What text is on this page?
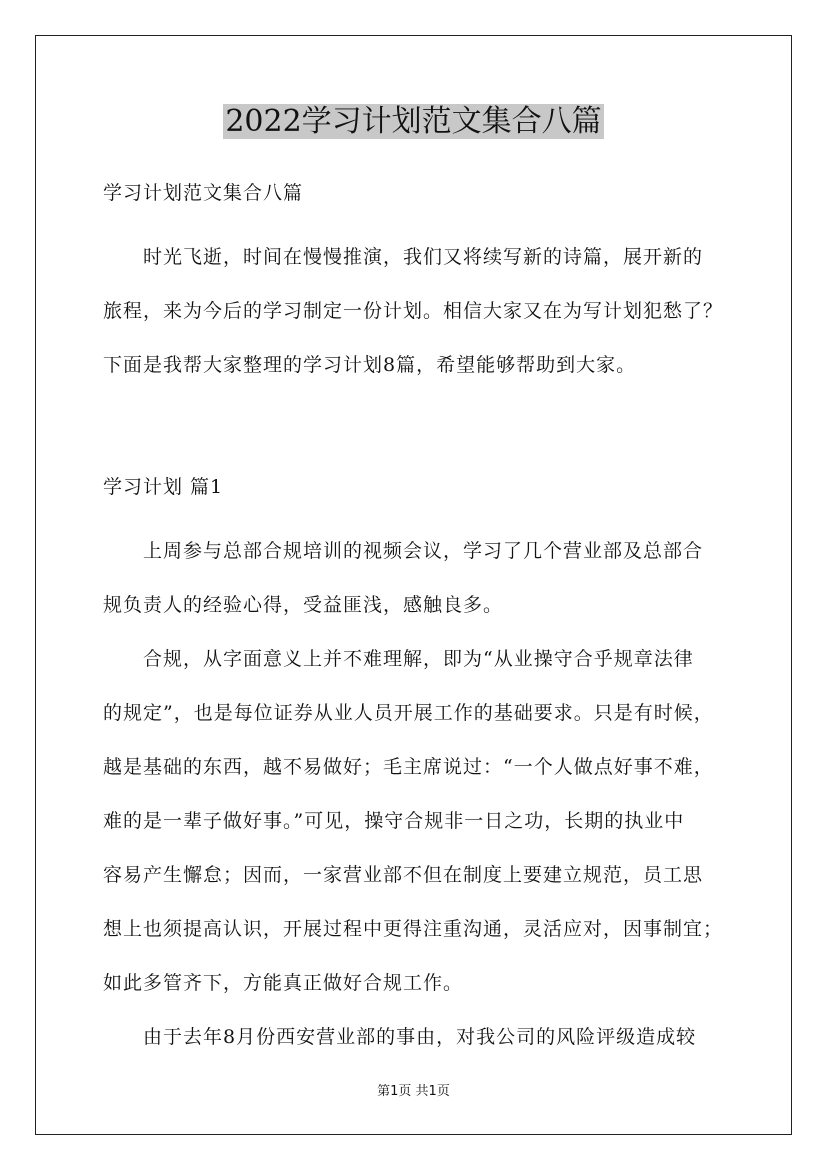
2022学习计划范文集合八篇
学习计划范文集合八篇
时光飞逝，时间在慢慢推演，我们又将续写新的诗篇，展开新的
旅程，来为今后的学习制定一份计划。相信大家又在为写计划犯愁了？
下面是我帮大家整理的学习计划8篇，希望能够帮助到大家。
学习计划 篇1
上周参与总部合规培训的视频会议，学习了几个营业部及总部合
规负责人的经验心得，受益匪浅，感触良多。
合规，从字面意义上并不难理解，即为“从业操守合乎规章法律
的规定”，也是每位证券从业人员开展工作的基础要求。只是有时候，
越是基础的东西，越不易做好；毛主席说过：“一个人做点好事不难，
难的是一辈子做好事。”可见，操守合规非一日之功，长期的执业中
容易产生懈怠；因而，一家营业部不但在制度上要建立规范，员工思
想上也须提高认识，开展过程中更得注重沟通，灵活应对，因事制宜；
如此多管齐下，方能真正做好合规工作。
由于去年8月份西安营业部的事由，对我公司的风险评级造成较
第1页 共1页
